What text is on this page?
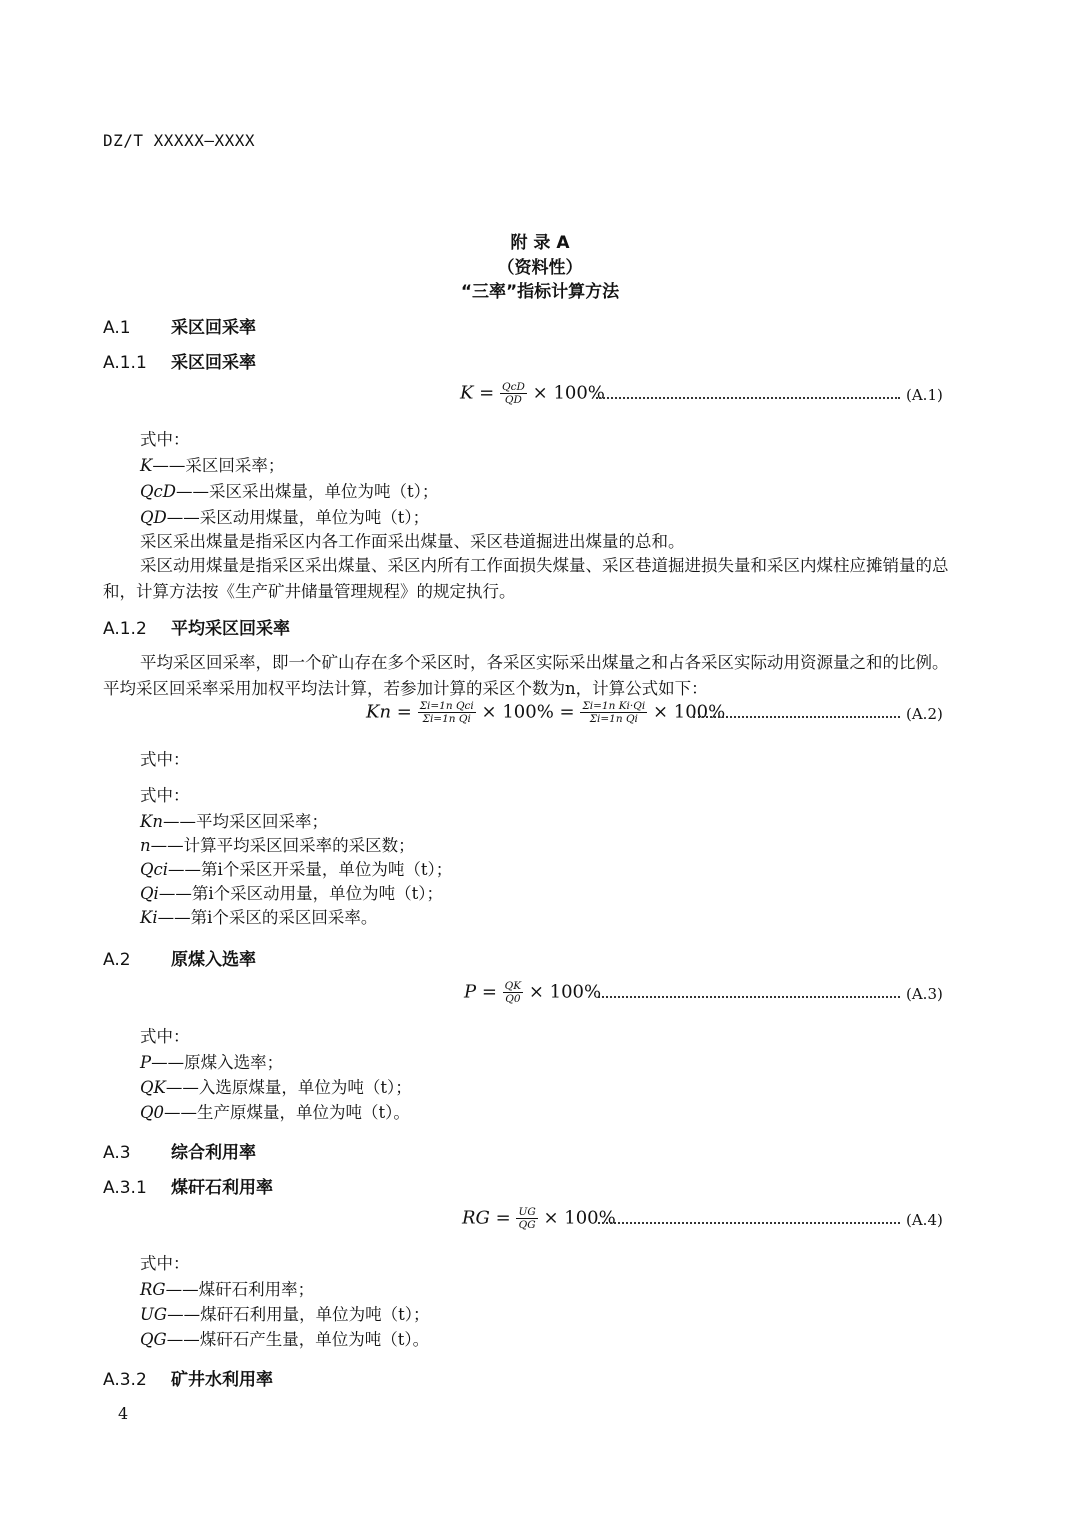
DZ/T XXXXX—XXXX
附 录 A
（资料性）
“三率”指标计算方法
A.1 采区回采率
A.1.1 采区回采率
$K = \frac{\text{QcD}}{QD} \times 100\%$	(A.1)
式中：
K——采区回采率；
QcD——采区采出煤量，单位为吨（t）；
QD——采区动用煤量，单位为吨（t）；
采区采出煤量是指采区内各工作面采出煤量、采区巷道掘进出煤量的总和。
采区动用煤量是指采区采出煤量、采区内所有工作面损失煤量、采区巷道掘进损失量和采区内煤柱应摊销量的总和，计算方法按《生产矿井储量管理规程》的规定执行。
A.1.2 平均采区回采率
平均采区回采率，即一个矿山存在多个采区时，各采区实际采出煤量之和占各采区实际动用资源量之和的比例。平均采区回采率采用加权平均法计算，若参加计算的采区个数为n，计算公式如下：
$Kn = \frac{\text{Σi=1n Qci}}{\text{Σi=1n Qi}} \times 100\% = \frac{\text{Σi=1n Ki·Qi}}{\text{Σi=1n Qi}} \times 100\%$	(A.2)
式中：
式中：
Kn——平均采区回采率；
n——计算平均采区回采率的采区数；
Qci——第i个采区开采量，单位为吨（t）；
Qi——第i个采区动用量，单位为吨（t）；
Ki——第i个采区的采区回采率。
A.2 原煤入选率
$P = \frac{QK}{Q0} \times 100\%$	(A.3)
式中：
P——原煤入选率；
QK——入选原煤量，单位为吨（t）；
Q0——生产原煤量，单位为吨（t）。
A.3 综合利用率
A.3.1 煤矸石利用率
RG = $\frac{UG}{QG} \times 100\%$	(A.4)
式中：
RG——煤矸石利用率；
UG——煤矸石利用量，单位为吨（t）；
QG——煤矸石产生量，单位为吨（t）。
A.3.2 矿井水利用率
4
